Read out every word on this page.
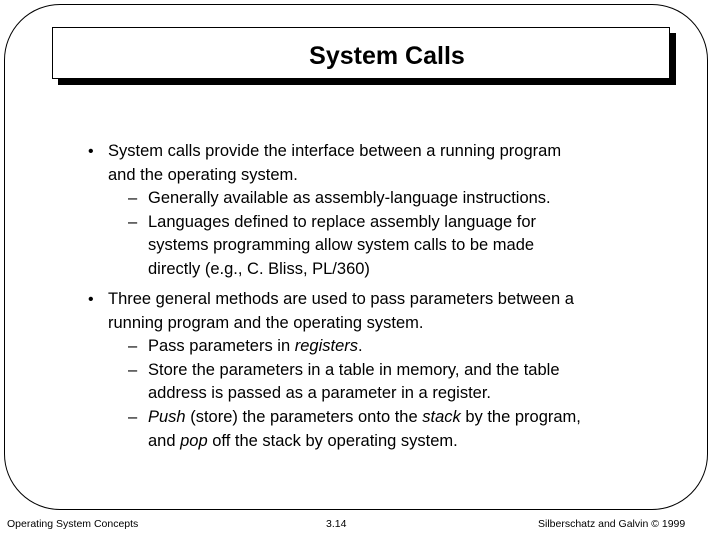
System Calls
• System calls provide the interface between a running program
and the operating system.
– Generally available as assembly-language instructions.
– Languages defined to replace assembly language for
systems programming allow system calls to be made
directly (e.g., C. Bliss, PL/360)
• Three general methods are used to pass parameters between a
running program and the operating system.
– Pass parameters in registers.
– Store the parameters in a table in memory, and the table
address is passed as a parameter in a register.
– Push (store) the parameters onto the stack by the program,
and pop off the stack by operating system.
Operating System Concepts	3.14	Silberschatz and Galvin © 1999
